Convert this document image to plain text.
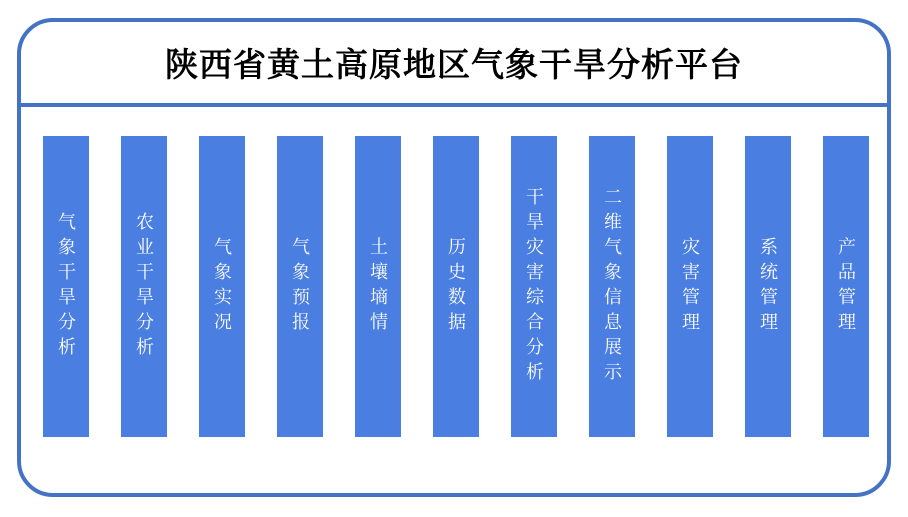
陕西省黄土高原地区气象干旱分析平台
气象干旱分析	农业干旱分析	气象实况	气象预报	土壤墒情	历史数据	干旱灾害综合分析	二维气象信息展示	灾害管理	系统管理	产品管理
